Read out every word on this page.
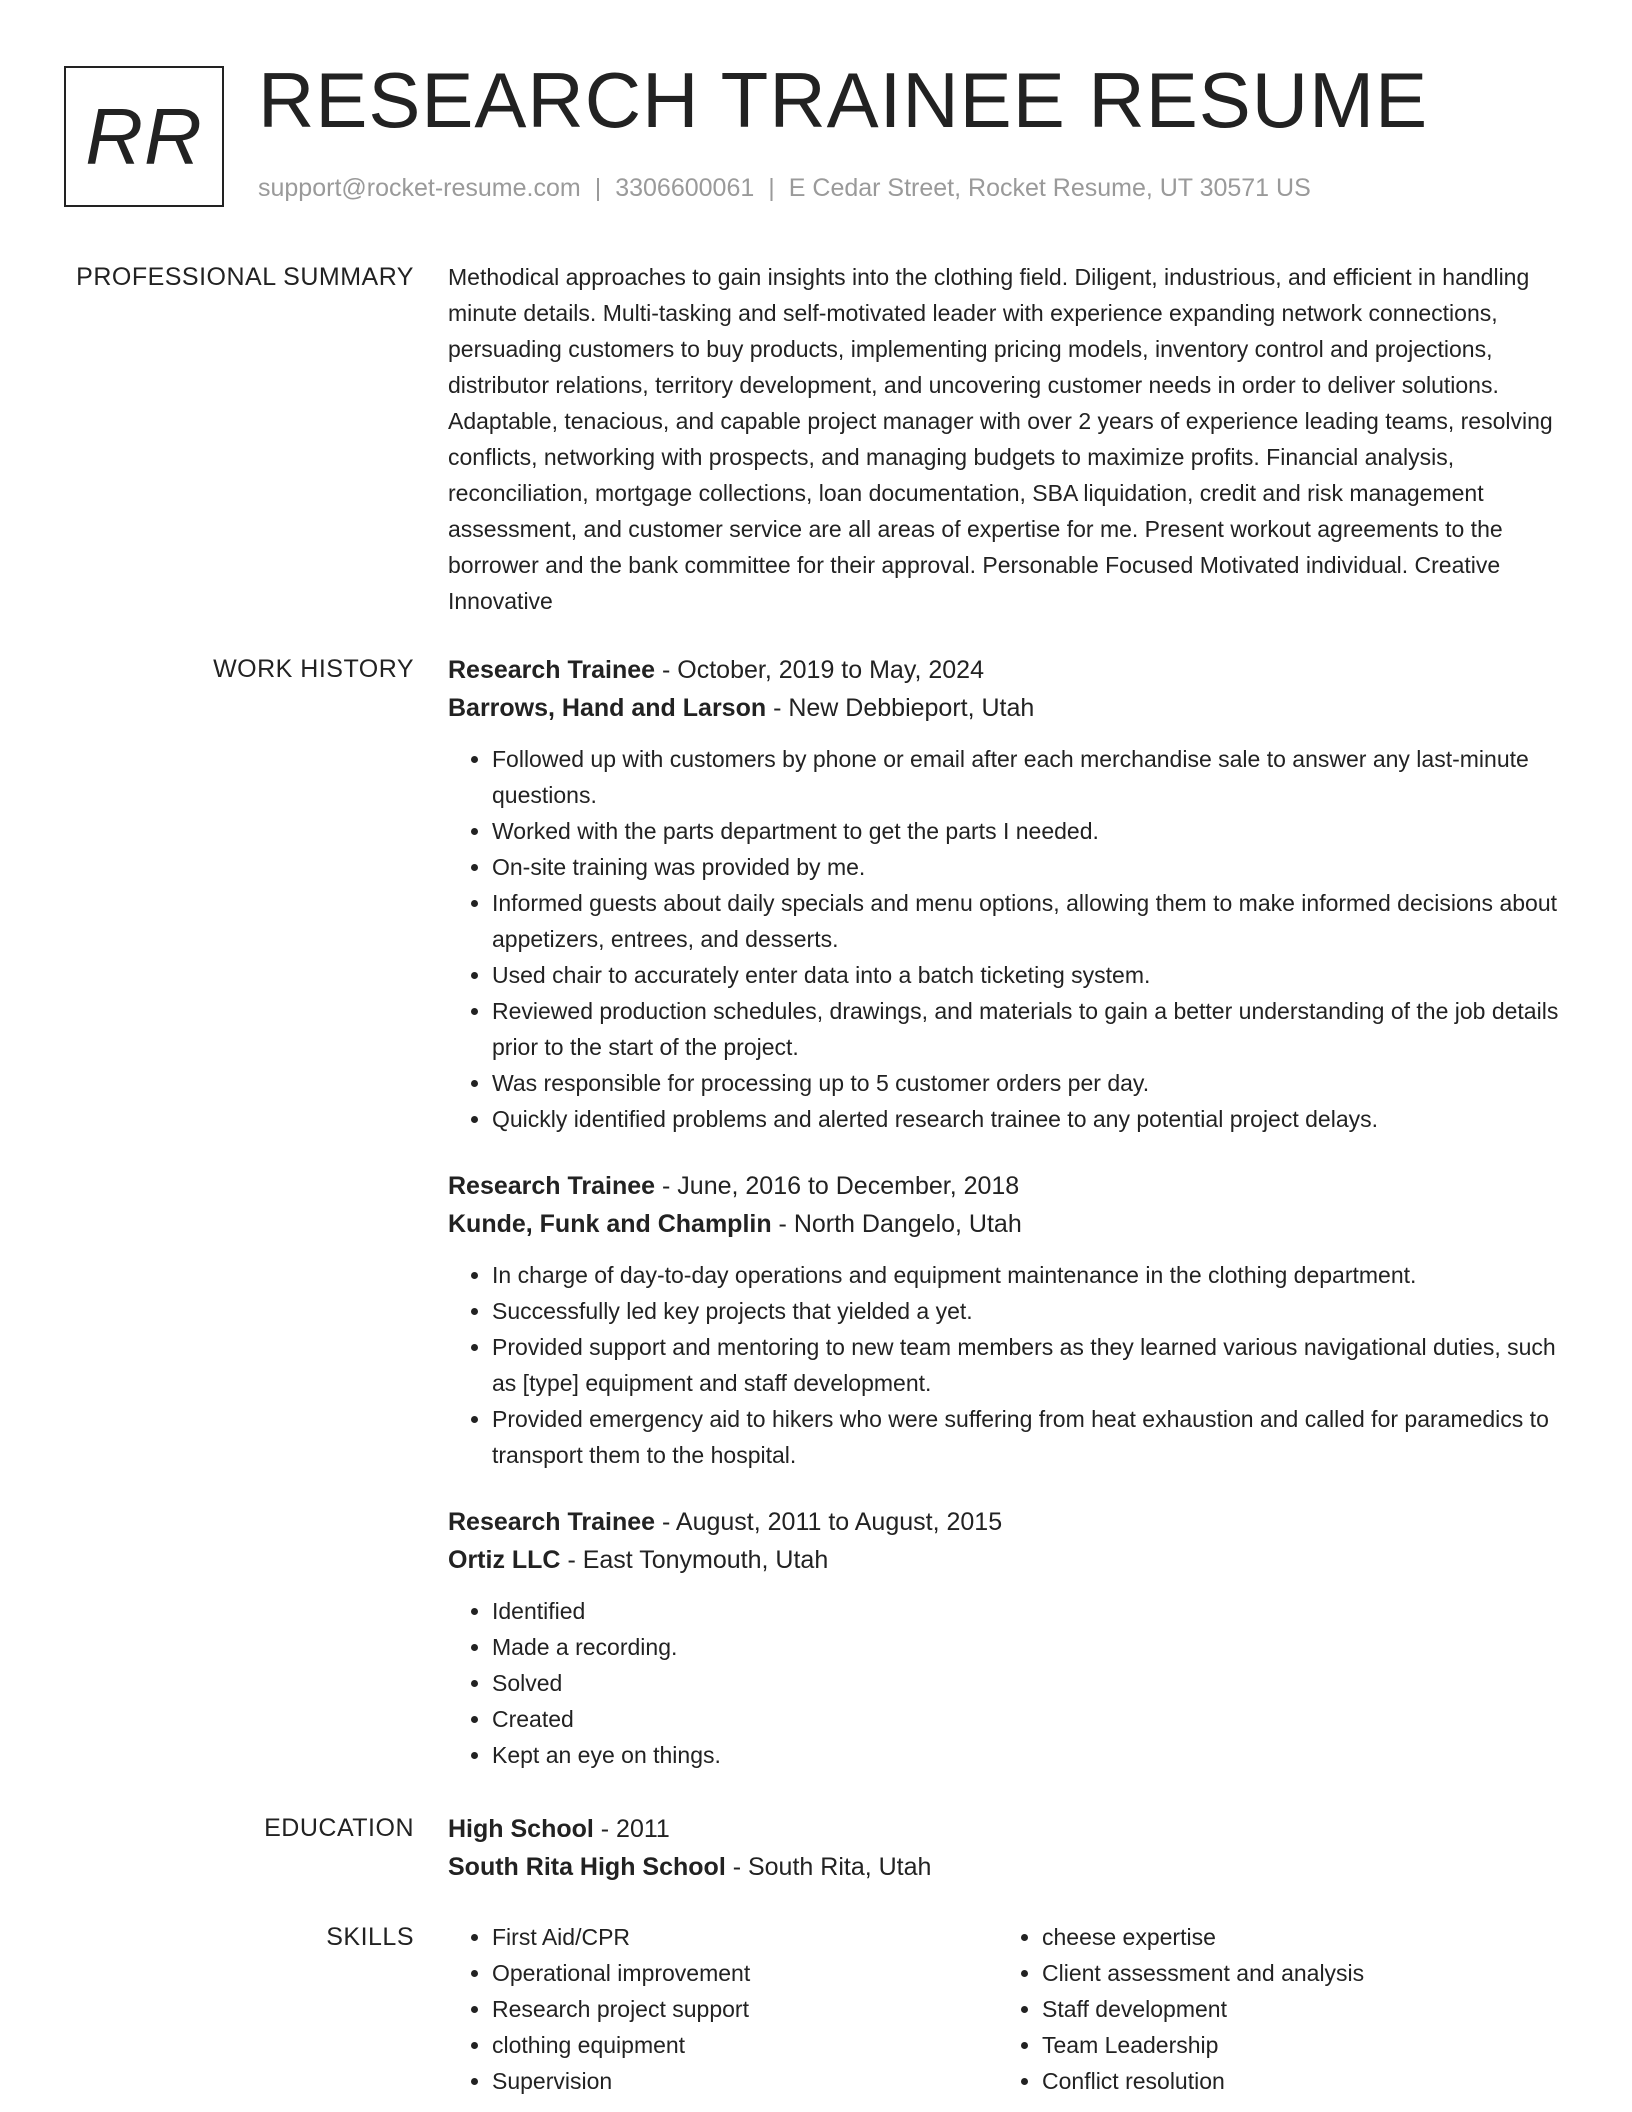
RR RESEARCH TRAINEE RESUME
support@rocket-resume.com | 3306600061 | E Cedar Street, Rocket Resume, UT 30571 US
PROFESSIONAL SUMMARY Methodical approaches to gain insights into the clothing field. Diligent, industrious, and efficient in handling minute details. Multi-tasking and self-motivated leader with experience expanding network connections, persuading customers to buy products, implementing pricing models, inventory control and projections, distributor relations, territory development, and uncovering customer needs in order to deliver solutions. Adaptable, tenacious, and capable project manager with over 2 years of experience leading teams, resolving conflicts, networking with prospects, and managing budgets to maximize profits. Financial analysis, reconciliation, mortgage collections, loan documentation, SBA liquidation, credit and risk management assessment, and customer service are all areas of expertise for me. Present workout agreements to the borrower and the bank committee for their approval. Personable Focused Motivated individual. Creative Innovative

WORK HISTORY Research Trainee - October, 2019 to May, 2024

Barrows, Hand and Larson - New Debbieport, Utah

• Followed up with customers by phone or email after each merchandise sale to answer any last-minute questions.
• Worked with the parts department to get the parts I needed.
• On-site training was provided by me.
• Informed guests about daily specials and menu options, allowing them to make informed decisions about appetizers, entrees, and desserts.
• Used chair to accurately enter data into a batch ticketing system.
• Reviewed production schedules, drawings, and materials to gain a better understanding of the job details prior to the start of the project.
• Was responsible for processing up to 5 customer orders per day.
• Quickly identified problems and alerted research trainee to any potential project delays.

Research Trainee - June, 2016 to December, 2018

Kunde, Funk and Champlin - North Dangelo, Utah

• In charge of day-to-day operations and equipment maintenance in the clothing department.
• Successfully led key projects that yielded a yet.
• Provided support and mentoring to new team members as they learned various navigational duties, such as [type] equipment and staff development.
• Provided emergency aid to hikers who were suffering from heat exhaustion and called for paramedics to transport them to the hospital.

Research Trainee - August, 2011 to August, 2015

Ortiz LLC - East Tonymouth, Utah

• Identified
• Made a recording.
• Solved
• Created
• Kept an eye on things.
EDUCATION High School - 2011

South Rita High School - South Rita, Utah

SKILLS
•	First Aid/CPR
• Operational improvement
• Research project support
• clothing equipment
• Supervision
• cheese expertise
• Client assessment and analysis
• Staff development
• Team Leadership
• Conflict resolution
